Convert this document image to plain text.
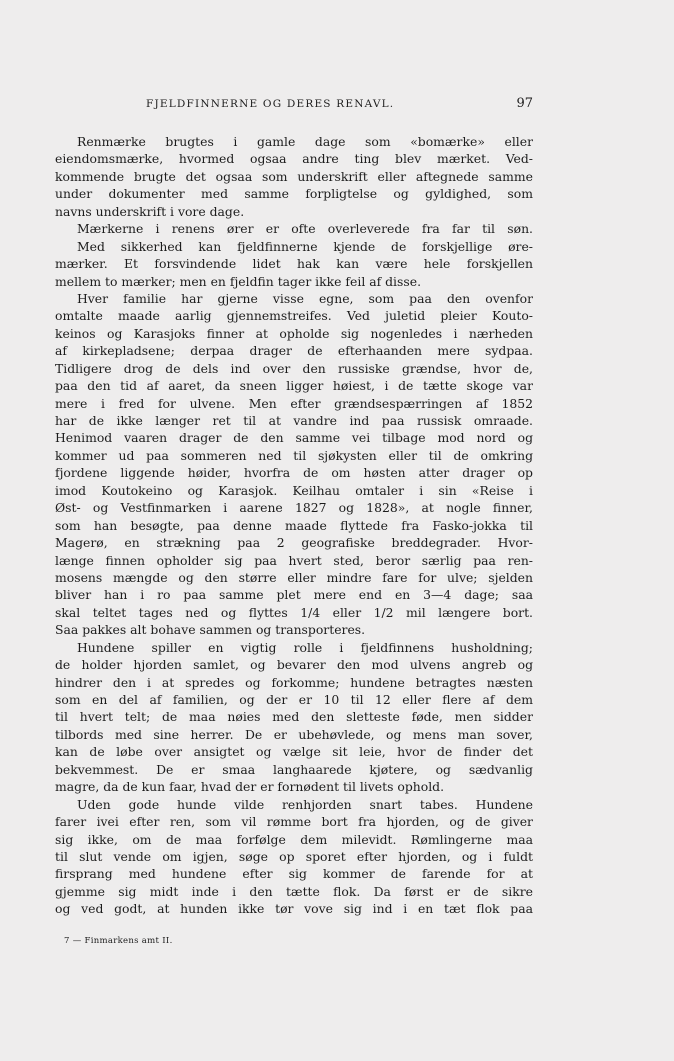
FJELDFINNERNE OG DERES RENAVL.	97
Renmærke brugtes i gamle dage som «bomærke» eller
eiendomsmærke, hvormed ogsaa andre ting blev mærket. Ved-
kommende brugte det ogsaa som underskrift eller aftegnede samme
under dokumenter med samme forpligtelse og gyldighed, som
navns underskrift i vore dage.
Mærkerne i renens ører er ofte overleverede fra far til søn.
Med sikkerhed kan fjeldfinnerne kjende de forskjellige øre-
mærker. Et forsvindende lidet hak kan være hele forskjellen
mellem to mærker; men en fjeldfin tager ikke feil af disse.
Hver familie har gjerne visse egne, som paa den ovenfor
omtalte maade aarlig gjennemstreifes. Ved juletid pleier Kouto-
keinos og Karasjoks finner at opholde sig nogenledes i nærheden
af kirkepladsene; derpaa drager de efterhaanden mere sydpaa.
Tidligere drog de dels ind over den russiske grændse, hvor de,
paa den tid af aaret, da sneen ligger høiest, i de tætte skoge var
mere i fred for ulvene. Men efter grændsespærringen af 1852
har de ikke længer ret til at vandre ind paa russisk omraade.
Henimod vaaren drager de den samme vei tilbage mod nord og
kommer ud paa sommeren ned til sjøkysten eller til de omkring
fjordene liggende høider, hvorfra de om høsten atter drager op
imod Koutokeino og Karasjok. Keilhau omtaler i sin «Reise i
Øst- og Vestfinmarken i aarene 1827 og 1828», at nogle finner,
som han besøgte, paa denne maade flyttede fra Fasko-jokka til
Magerø, en strækning paa 2 geografiske breddegrader. Hvor-
længe finnen opholder sig paa hvert sted, beror særlig paa ren-
mosens mængde og den større eller mindre fare for ulve; sjelden
bliver han i ro paa samme plet mere end en 3—4 dage; saa
skal teltet tages ned og flyttes 1/4 eller 1/2 mil længere bort.
Saa pakkes alt bohave sammen og transporteres.
Hundene spiller en vigtig rolle i fjeldfinnens husholdning;
de holder hjorden samlet, og bevarer den mod ulvens angreb og
hindrer den i at spredes og forkomme; hundene betragtes næsten
som en del af familien, og der er 10 til 12 eller flere af dem
til hvert telt; de maa nøies med den sletteste føde, men sidder
tilbords med sine herrer. De er ubehøvlede, og mens man sover,
kan de løbe over ansigtet og vælge sit leie, hvor de finder det
bekvemmest. De er smaa langhaarede kjøtere, og sædvanlig
magre, da de kun faar, hvad der er fornødent til livets ophold.
Uden gode hunde vilde renhjorden snart tabes. Hundene
farer ivei efter ren, som vil rømme bort fra hjorden, og de giver
sig ikke, om de maa forfølge dem milevidt. Rømlingerne maa
til slut vende om igjen, søge op sporet efter hjorden, og i fuldt
firsprang med hundene efter sig kommer de farende for at
gjemme sig midt inde i den tætte flok. Da først er de sikre
og ved godt, at hunden ikke tør vove sig ind i en tæt flok paa
7 — Finmarkens amt II.
